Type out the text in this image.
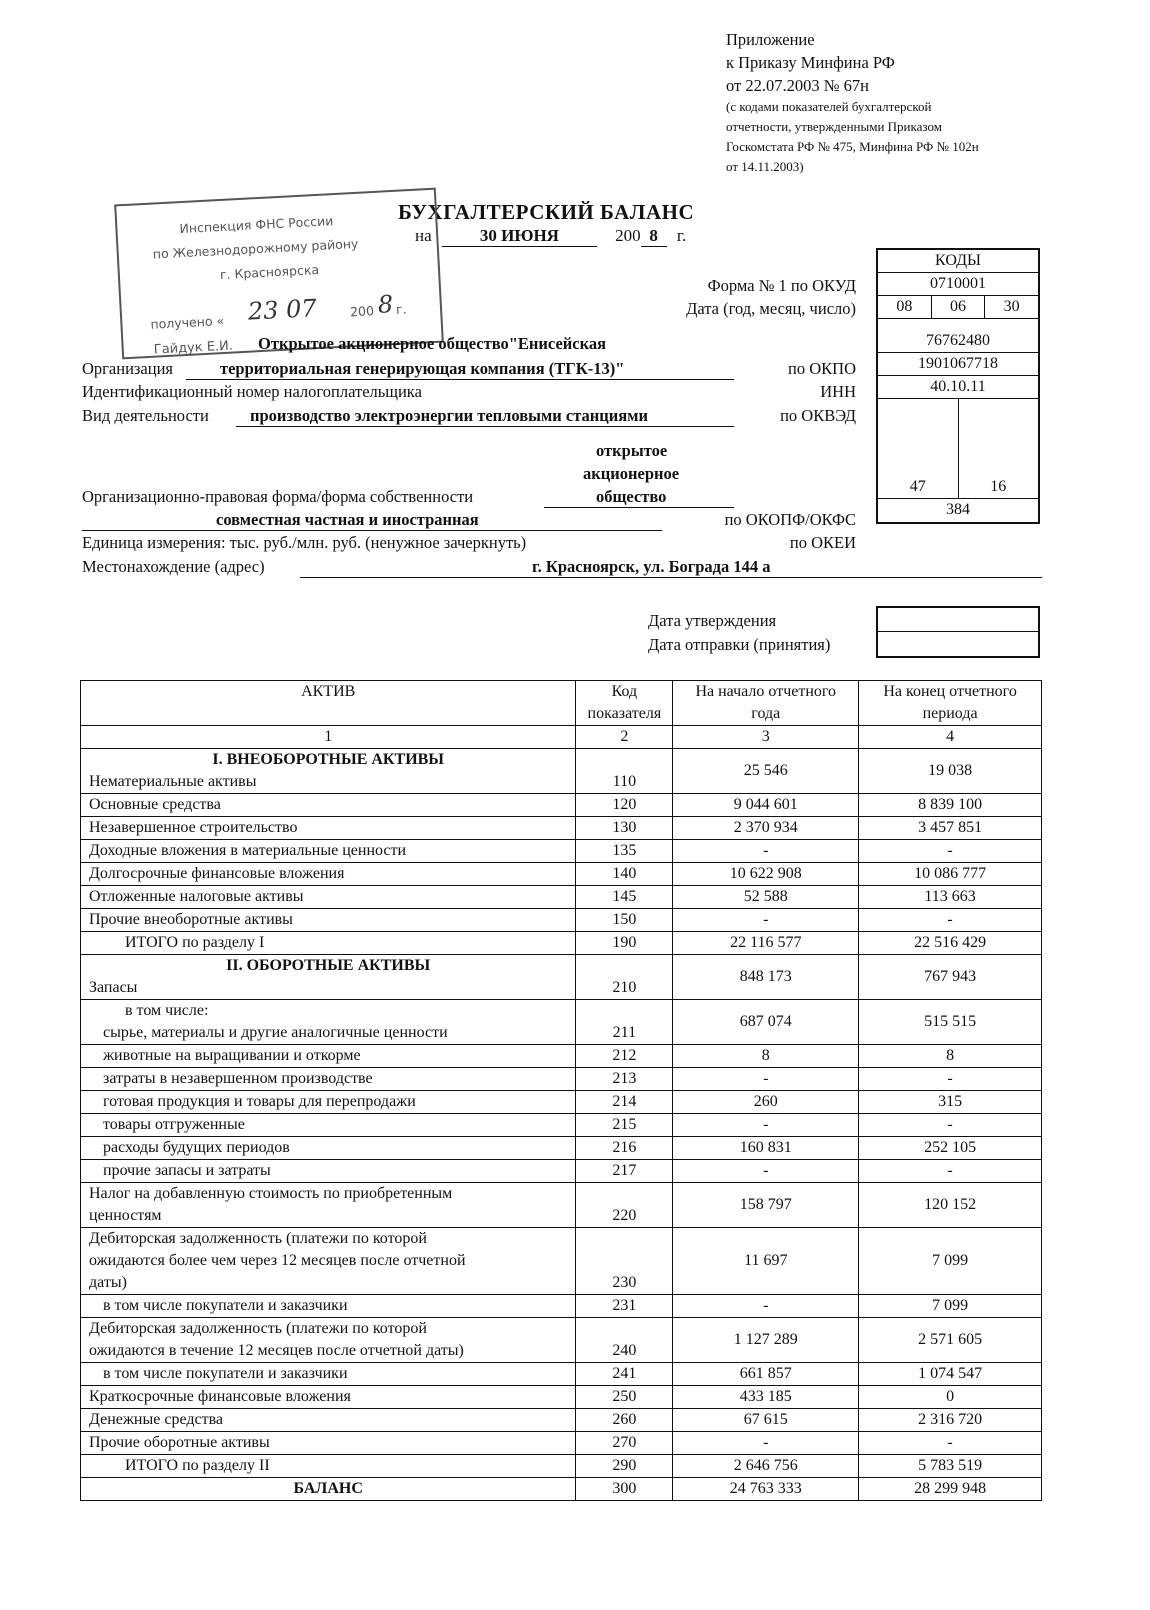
Приложение
к Приказу Минфина РФ
от 22.07.2003 № 67н
(с кодами показателей бухгалтерской
отчетности, утвержденными Приказом
Госкомстата РФ № 475, Минфина РФ № 102н
от 14.11.2003)
БУХГАЛТЕРСКИЙ БАЛАНС
на	30 ИЮНЯ	200 8 г.
Инспекция ФНС России
по Железнодорожному району
г. Красноярска
получено « 23 07	200 8 г.
Гайдук Е.И.
КОДЫ
0710001
08	06	30
76762480
1901067718
40.10.11
47	16
384
Форма № 1 по ОКУД
Дата (год, месяц, число)
Открытое акционерное общество"Енисейская
Организация	территориальная генерирующая компания (ТГК-13)"	по ОКПО
Идентификационный номер налогоплательщика	ИНН
Вид деятельности	производство электроэнергии тепловыми станциями	по ОКВЭД
открытое
акционерное
Организационно-правовая форма/форма собственности	общество
совместная частная и иностранная	по ОКОПФ/ОКФС
Единица измерения: тыс. руб./млн. руб. (ненужное зачеркнуть)	по ОКЕИ
Местонахождение (адрес)	г. Красноярск, ул. Бограда 144 а
Дата утверждения
Дата отправки (принятия)
АКТИВ	Код показателя	На начало отчетного года	На конец отчетного периода
1	2	3	4

I. ВНЕОБОРОТНЫЕ АКТИВЫ
Нематериальные активы	110	25 546	19 038
Основные средства	120	9 044 601	8 839 100
Незавершенное строительство	130	2 370 934	3 457 851
Доходные вложения в материальные ценности	135	-	-
Долгосрочные финансовые вложения	140	10 622 908	10 086 777
Отложенные налоговые активы	145	52 588	113 663
Прочие внеоборотные активы	150	-	-
ИТОГО по разделу I	190	22 116 577	22 516 429

II. ОБОРОТНЫЕ АКТИВЫ
Запасы	210	848 173	767 943

в том числе:
сырье, материалы и другие аналогичные ценности	211	687 074	515 515
животные на выращивании и откорме	212	8	8
затраты в незавершенном производстве	213	-	-
готовая продукция и товары для перепродажи	214	260	315
товары отгруженные	215	-	-
расходы будущих периодов	216	160 831	252 105
прочие запасы и затраты	217	-	-

Налог на добавленную стоимость по приобретенным
ценностям	220	158 797	120 152

Дебиторская задолженность (платежи по которой
ожидаются более чем через 12 месяцев после отчетной
даты)	230	11 697	7 099
в том числе покупатели и заказчики	231	-	7 099

Дебиторская задолженность (платежи по которой
ожидаются в течение 12 месяцев после отчетной даты)	240	1 127 289	2 571 605
в том числе покупатели и заказчики	241	661 857	1 074 547
Краткосрочные финансовые вложения	250	433 185	0
Денежные средства	260	67 615	2 316 720
Прочие оборотные активы	270	-	-
ИТОГО по разделу II	290	2 646 756	5 783 519
БАЛАНС	300	24 763 333	28 299 948
